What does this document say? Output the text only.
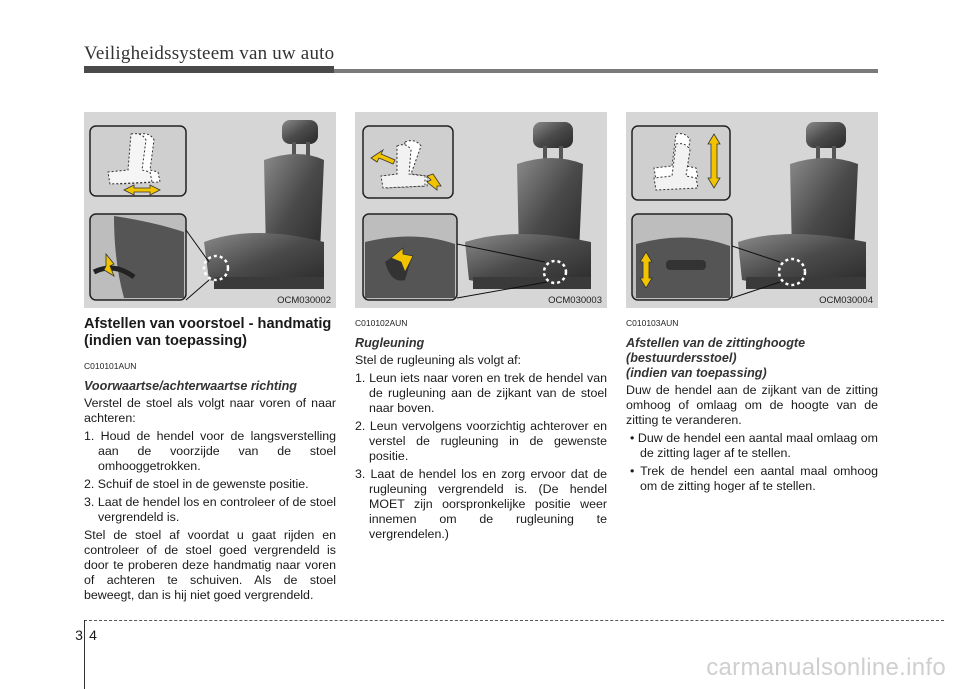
Veiligheidssysteem van uw auto
OCM030002	OCM030003	OCM030004
Afstellen van voorstoel - handmatig (indien van toepassing)
C010101AUN
Voorwaartse/achterwaartse richting
Verstel de stoel als volgt naar voren of naar achteren:
1. Houd de hendel voor de langsverstelling aan de voorzijde van de stoel omhooggetrokken.
2. Schuif de stoel in de gewenste positie.
3. Laat de hendel los en controleer of de stoel vergrendeld is.
Stel de stoel af voordat u gaat rijden en controleer of de stoel goed vergrendeld is door te proberen deze handmatig naar voren of achteren te schuiven. Als de stoel beweegt, dan is hij niet goed vergrendeld.
C010102AUN
Rugleuning
Stel de rugleuning als volgt af:
1. Leun iets naar voren en trek de hendel van de rugleuning aan de zijkant van de stoel naar boven.
2. Leun vervolgens voorzichtig achterover en verstel de rugleuning in de gewenste positie.
3. Laat de hendel los en zorg ervoor dat de rugleuning vergrendeld is. (De hendel MOET zijn oorspronkelijke positie weer innemen om de rugleuning te vergrendelen.)
C010103AUN
Afstellen van de zittinghoogte
(bestuurdersstoel)
(indien van toepassing)
Duw de hendel aan de zijkant van de zitting omhoog of omlaag om de hoogte van de zitting te veranderen.
• Duw de hendel een aantal maal omlaag om de zitting lager af te stellen.
• Trek de hendel een aantal maal omhoog om de zitting hoger af te stellen.
3 4
carmanualsonline.info
